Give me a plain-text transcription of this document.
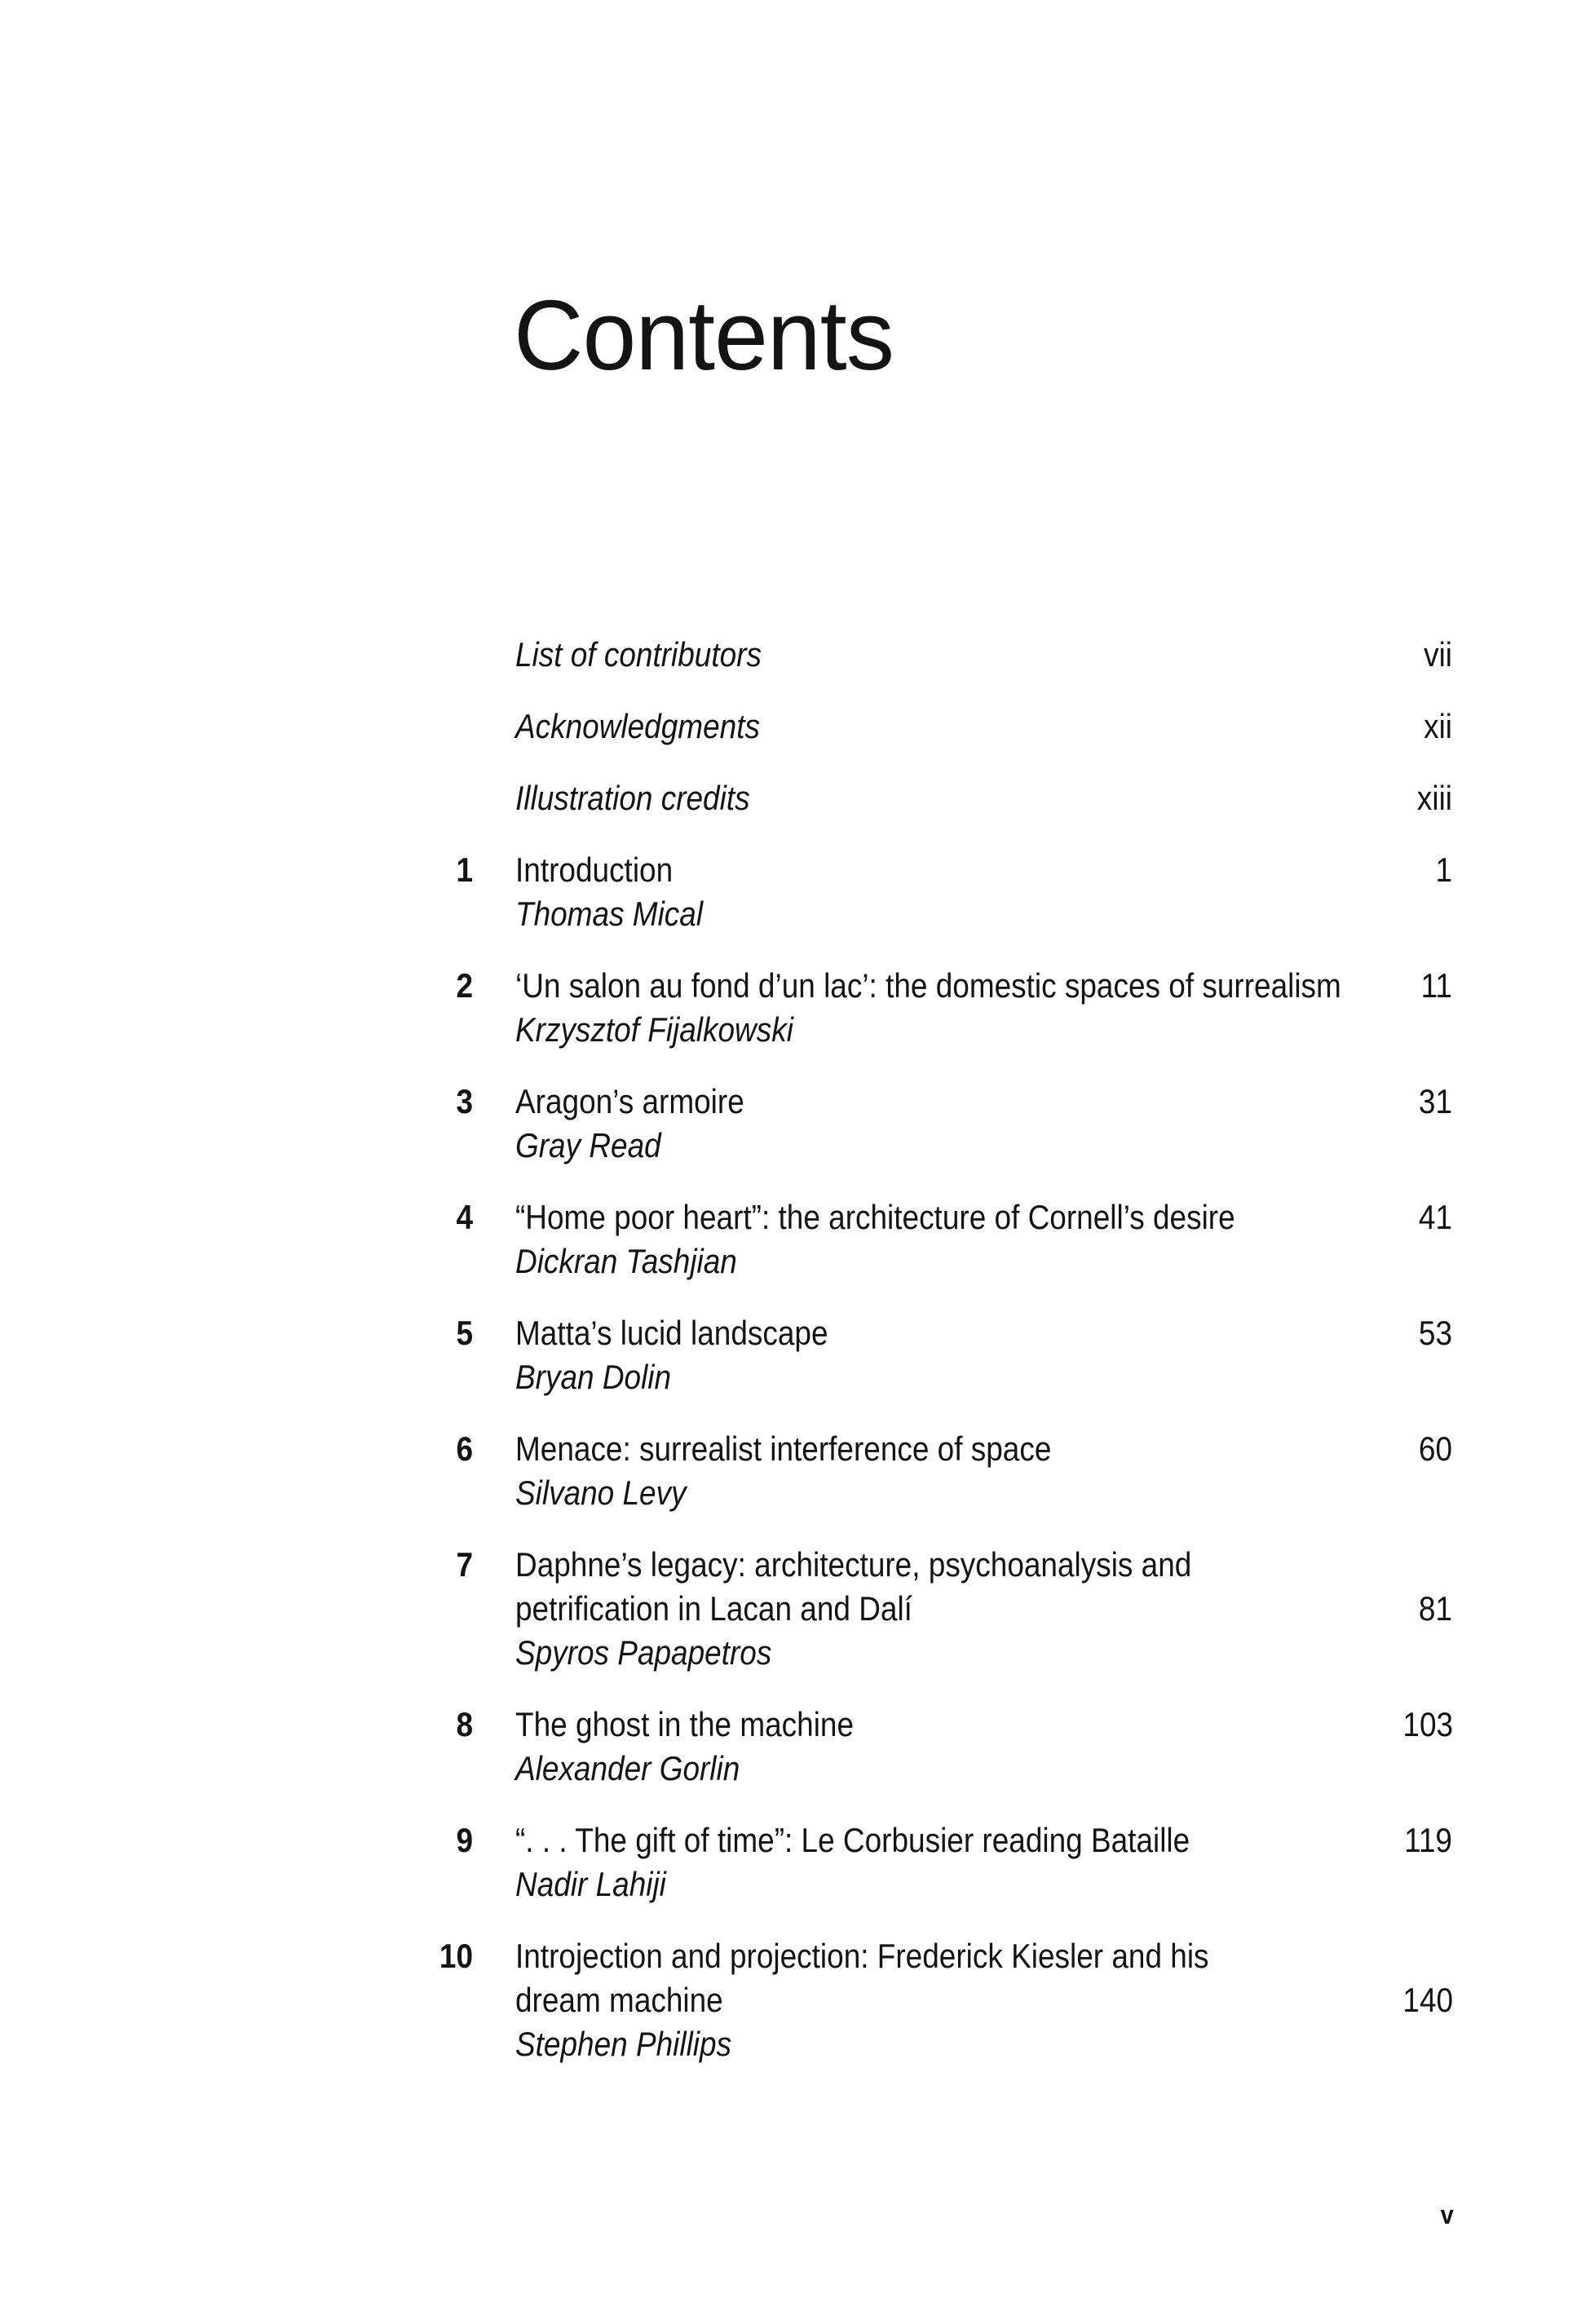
Contents
List of contributors	vii
Acknowledgments	xii
Illustration credits	xiii
1 Introduction	1
Thomas Mical
2 ‘Un salon au fond d’un lac’: the domestic spaces of surrealism	11
Krzysztof Fijalkowski
3 Aragon’s armoire	31
Gray Read
4 “Home poor heart”: the architecture of Cornell’s desire	41
Dickran Tashjian
5 Matta’s lucid landscape	53
Bryan Dolin
6 Menace: surrealist interference of space	60
Silvano Levy
7 Daphne’s legacy: architecture, psychoanalysis and
petrification in Lacan and Dalí	81
Spyros Papapetros
8 The ghost in the machine	103
Alexander Gorlin
9 “. . . The gift of time”: Le Corbusier reading Bataille	119
Nadir Lahiji
10 Introjection and projection: Frederick Kiesler and his
dream machine	140
Stephen Phillips
v
